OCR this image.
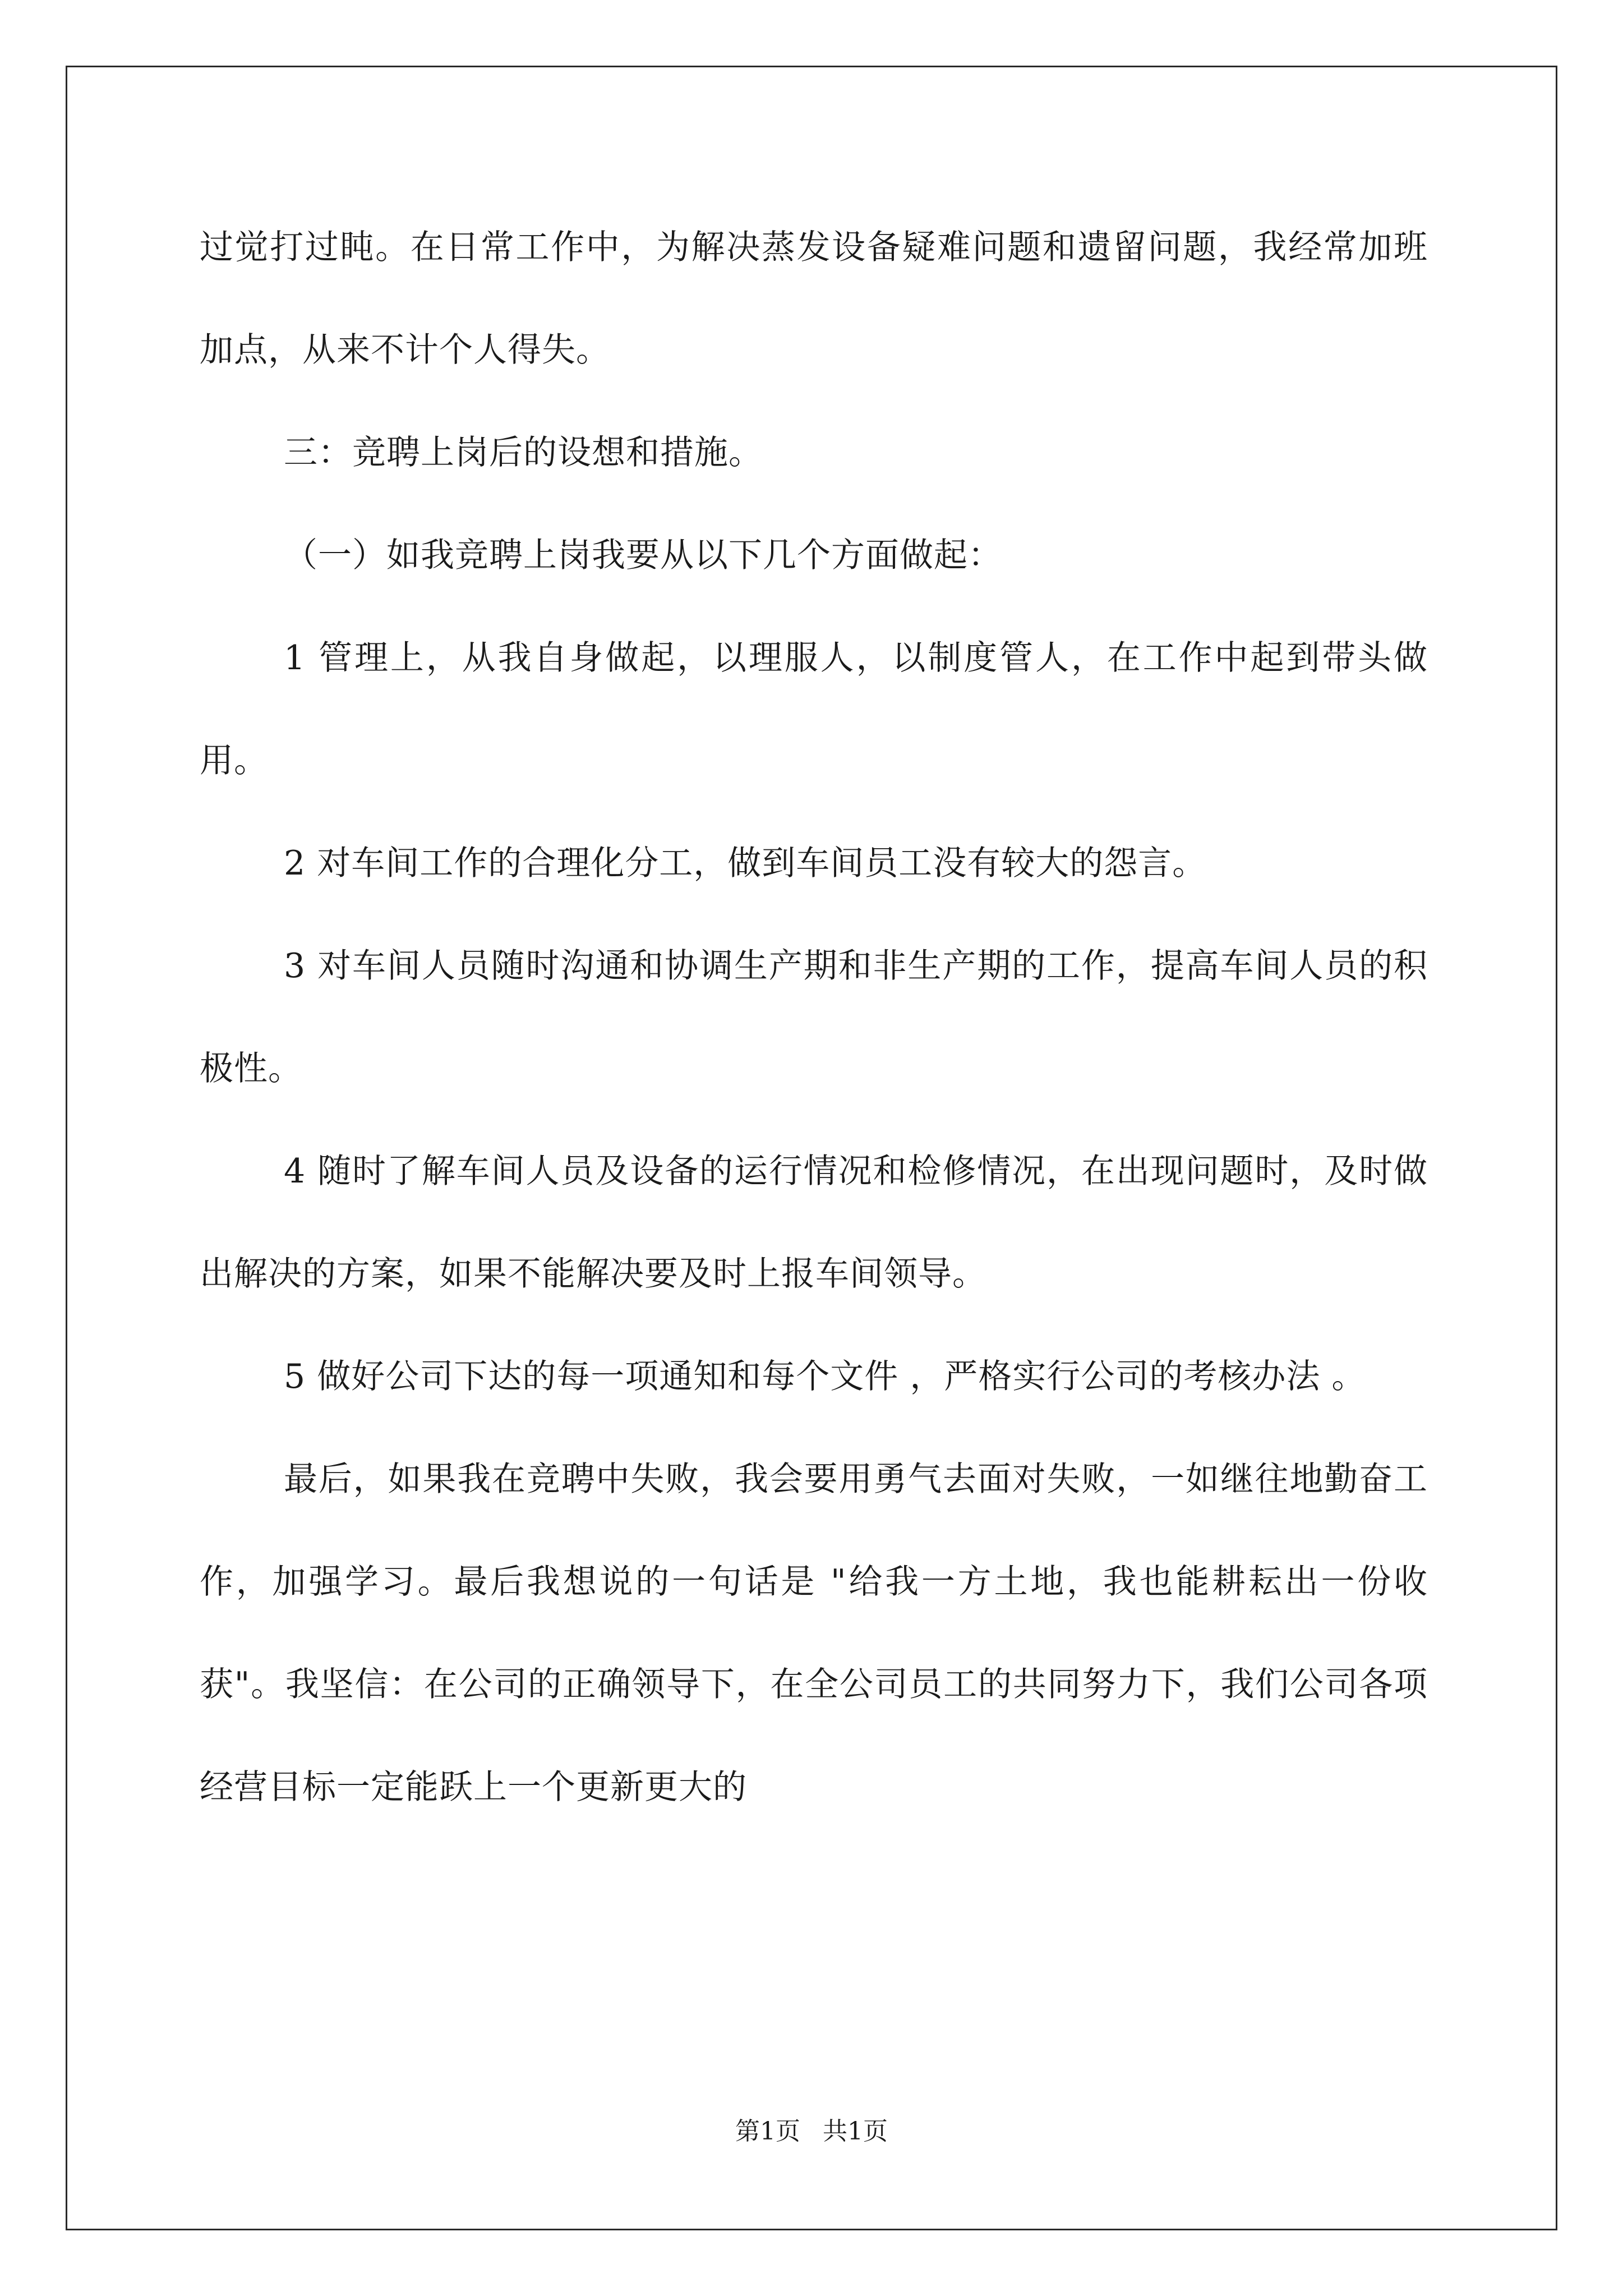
过觉打过盹。在日常工作中，为解决蒸发设备疑难问题和遗留问题，我经常加班加点，从来不计个人得失。

三：竞聘上岗后的设想和措施。

（一）如我竞聘上岗我要从以下几个方面做起：

1 管理上，从我自身做起，以理服人，以制度管人，在工作中起到带头做用。

2 对车间工作的合理化分工，做到车间员工没有较大的怨言。

3 对车间人员随时沟通和协调生产期和非生产期的工作，提高车间人员的积极性。

4 随时了解车间人员及设备的运行情况和检修情况，在出现问题时，及时做出解决的方案，如果不能解决要及时上报车间领导。

5 做好公司下达的每一项通知和每个文件 ，严格实行公司的考核办法 。

最后，如果我在竞聘中失败，我会要用勇气去面对失败，一如继往地勤奋工作，加强学习。最后我想说的一句话是 "给我一方土地，我也能耕耘出一份收获"。我坚信：在公司的正确领导下，在全公司员工的共同努力下，我们公司各项经营目标一定能跃上一个更新更大的

第1页 共1页
